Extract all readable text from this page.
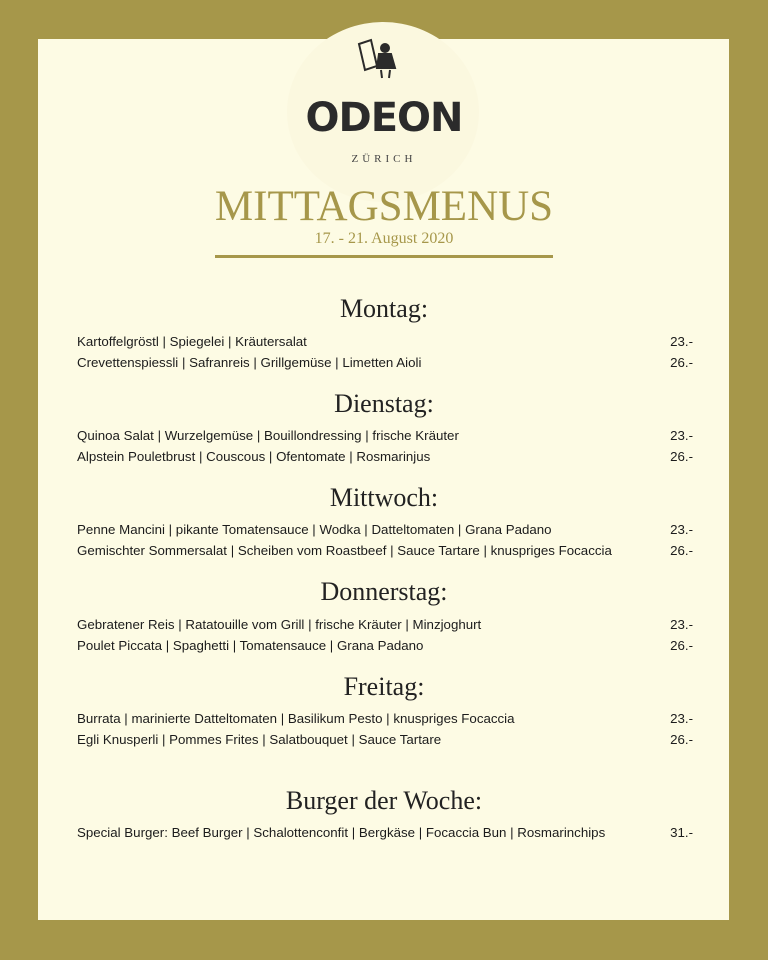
ODEON
ZÜRICH
MITTAGSMENUS
17. - 21. August 2020
Montag:
Kartoffelgröstl | Spiegelei | Kräutersalat	23.-
Crevettenspiessli | Safranreis | Grillgemüse | Limetten Aioli	26.-
Dienstag:
Quinoa Salat | Wurzelgemüse | Bouillondressing | frische Kräuter	23.-
Alpstein Pouletbrust | Couscous | Ofentomate | Rosmarinjus	26.-
Mittwoch:
Penne Mancini | pikante Tomatensauce | Wodka | Datteltomaten | Grana Padano	23.-
Gemischter Sommersalat | Scheiben vom Roastbeef | Sauce Tartare | knuspriges Focaccia	26.-
Donnerstag:
Gebratener Reis | Ratatouille vom Grill | frische Kräuter | Minzjoghurt	23.-
Poulet Piccata | Spaghetti | Tomatensauce | Grana Padano	26.-
Freitag:
Burrata | marinierte Datteltomaten | Basilikum Pesto | knuspriges Focaccia	23.-
Egli Knusperli | Pommes Frites | Salatbouquet | Sauce Tartare	26.-
Burger der Woche:
Special Burger: Beef Burger | Schalottenconfit | Bergkäse | Focaccia Bun | Rosmarinchips	31.-
